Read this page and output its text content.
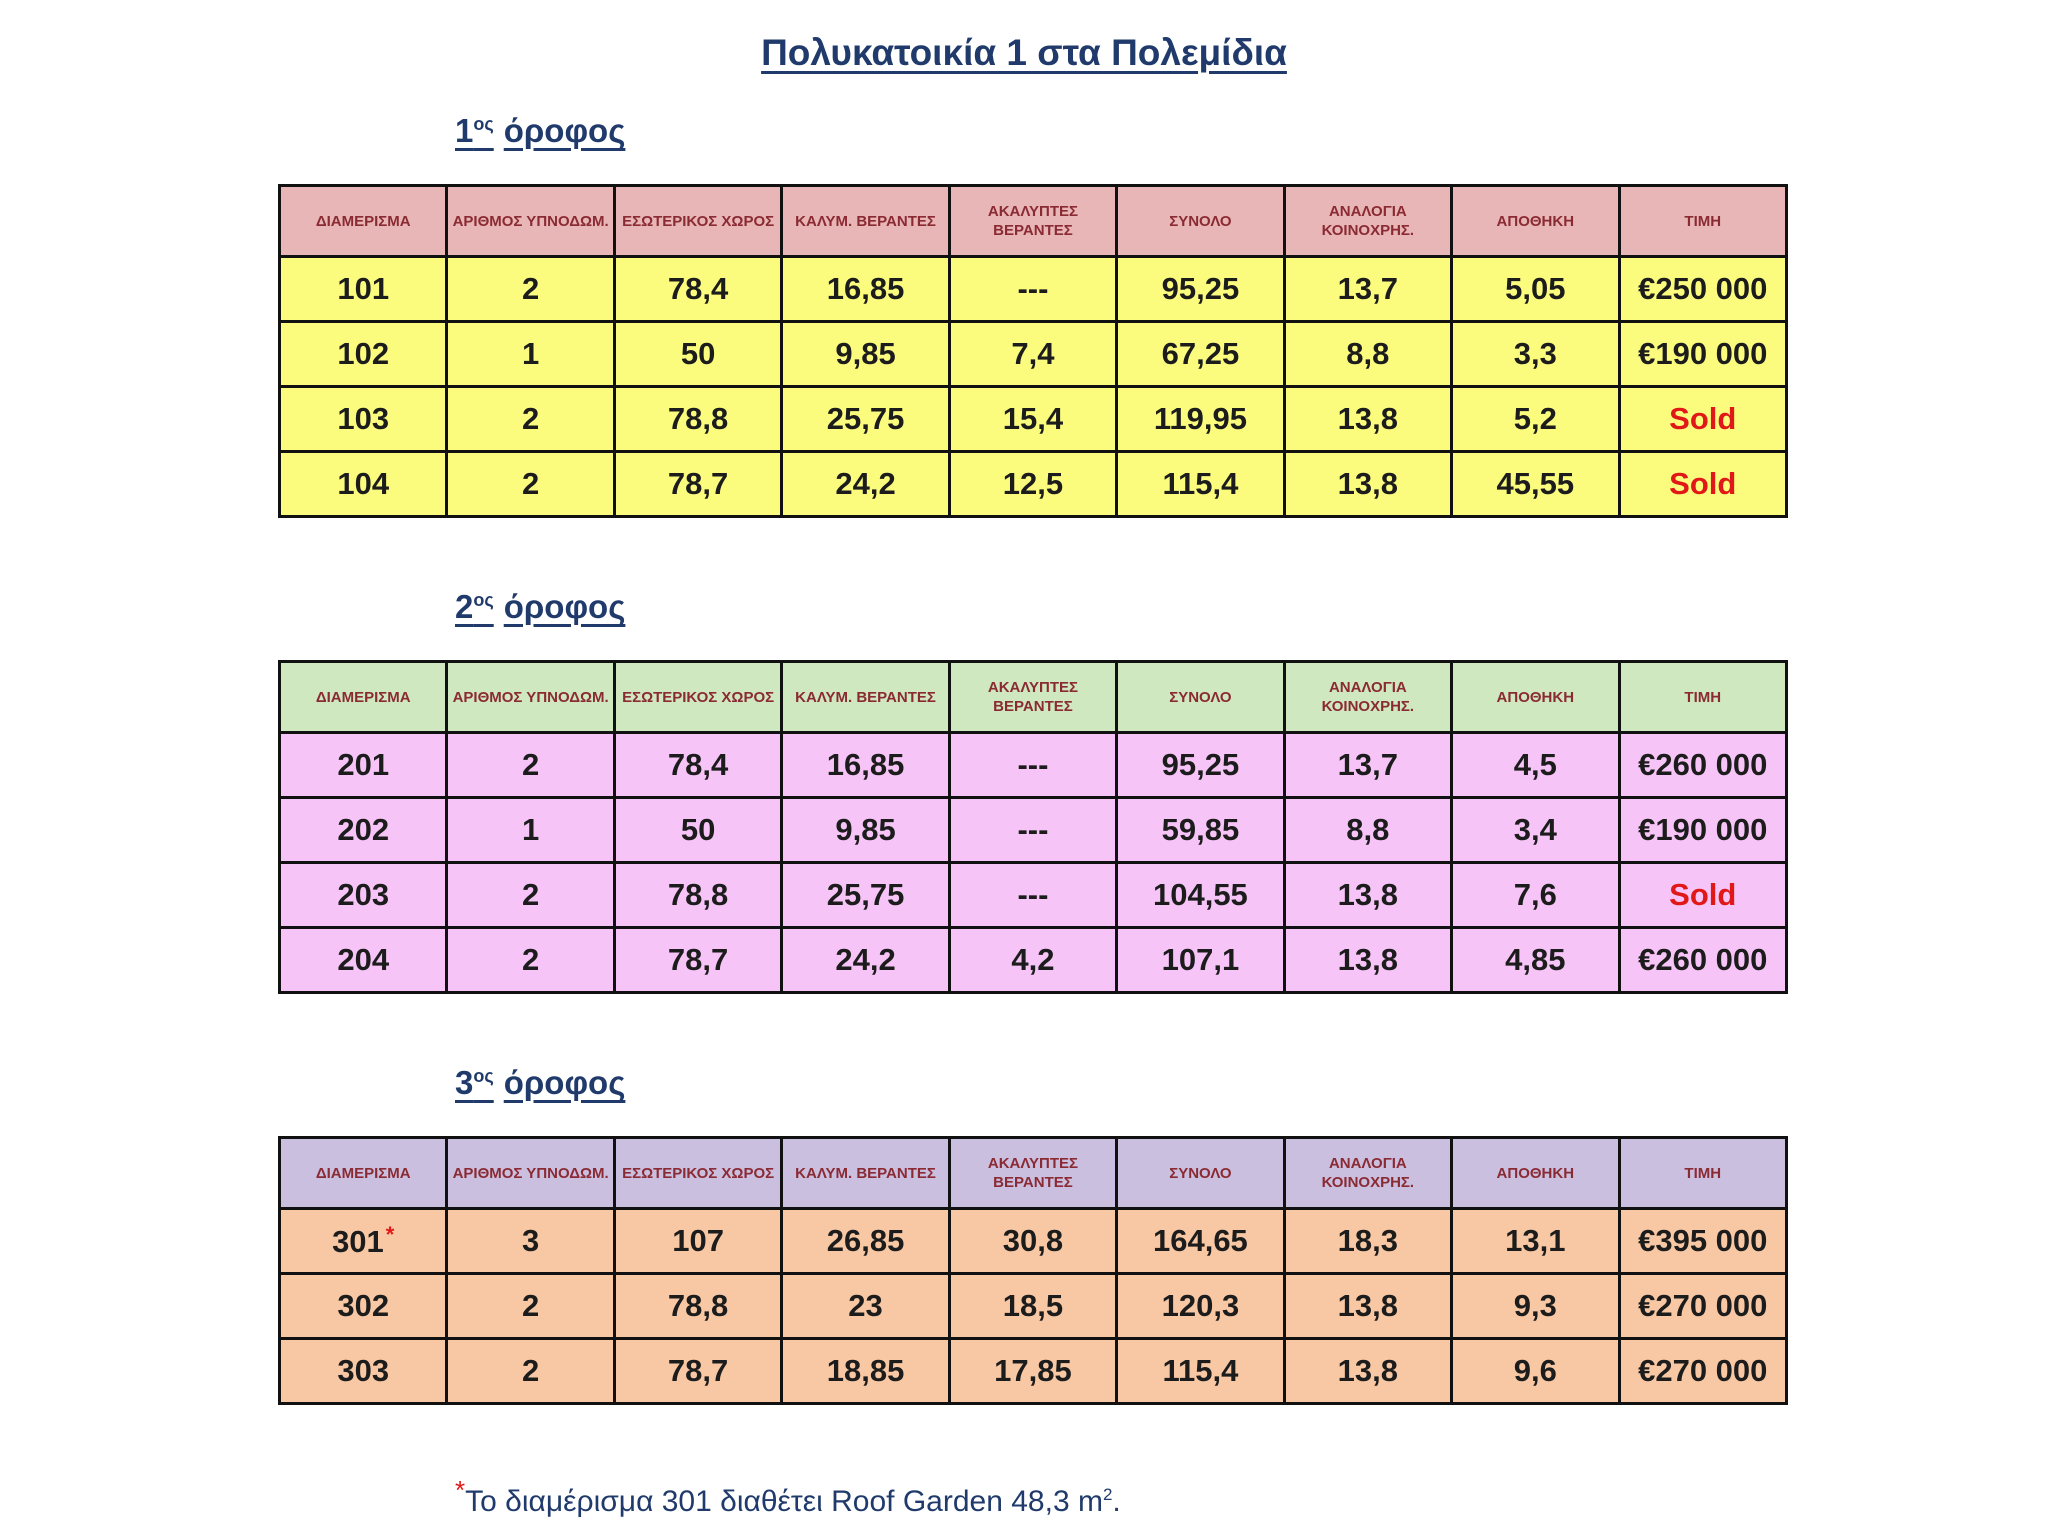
Πολυκατοικία 1 στα Πολεμίδια
$1^{o\varsigma}$ όροφος
ΔΙΑΜΕΡΙΣΜΑ	ΑΡΙΘΜΟΣ ΥΠΝΟΔΩΜ.	ΕΣΩΤΕΡΙΚΟΣ ΧΩΡΟΣ	ΚΑΛΥΜ. ΒΕΡΑΝΤΕΣ	ΑΚΑΛΥΠΤΕΣ ΒΕΡΑΝΤΕΣ	ΣΥΝΟΛΟ	ΑΝΑΛΟΓΙΑ ΚΟΙΝΟΧΡΗΣ.	ΑΠΟΘΗΚΗ	ΤΙΜΗ
101	2	78,4	16,85	---	95,25	13,7	5,05	€250 000
102	1	50	9,85	7,4	67,25	8,8	3,3	€190 000
103	2	78,8	25,75	15,4	119,95	13,8	5,2	Sold
104	2	78,7	24,2	12,5	115,4	13,8	45,55	Sold
$2^{o\varsigma}$ όροφος
ΔΙΑΜΕΡΙΣΜΑ	ΑΡΙΘΜΟΣ ΥΠΝΟΔΩΜ.	ΕΣΩΤΕΡΙΚΟΣ ΧΩΡΟΣ	ΚΑΛΥΜ. ΒΕΡΑΝΤΕΣ	ΑΚΑΛΥΠΤΕΣ ΒΕΡΑΝΤΕΣ	ΣΥΝΟΛΟ	ΑΝΑΛΟΓΙΑ ΚΟΙΝΟΧΡΗΣ.	ΑΠΟΘΗΚΗ	ΤΙΜΗ
201	2	78,4	16,85	---	95,25	13,7	4,5	€260 000
202	1	50	9,85	---	59,85	8,8	3,4	€190 000
203	2	78,8	25,75	---	104,55	13,8	7,6	Sold
204	2	78,7	24,2	4,2	107,1	13,8	4,85	€260 000
$3^{o\varsigma}$ όροφος
ΔΙΑΜΕΡΙΣΜΑ	ΑΡΙΘΜΟΣ ΥΠΝΟΔΩΜ.	ΕΣΩΤΕΡΙΚΟΣ ΧΩΡΟΣ	ΚΑΛΥΜ. ΒΕΡΑΝΤΕΣ	ΑΚΑΛΥΠΤΕΣ ΒΕΡΑΝΤΕΣ	ΣΥΝΟΛΟ	ΑΝΑΛΟΓΙΑ ΚΟΙΝΟΧΡΗΣ.	ΑΠΟΘΗΚΗ	ΤΙΜΗ
301*	3	107	26,85	30,8	164,65	18,3	13,1	€395 000
302	2	78,8	23	18,5	120,3	13,8	9,3	€270 000
303	2	78,7	18,85	17,85	115,4	13,8	9,6	€270 000
*Το διαμέρισμα 301 διαθέτει Roof Garden 48,3 $m^2$.
